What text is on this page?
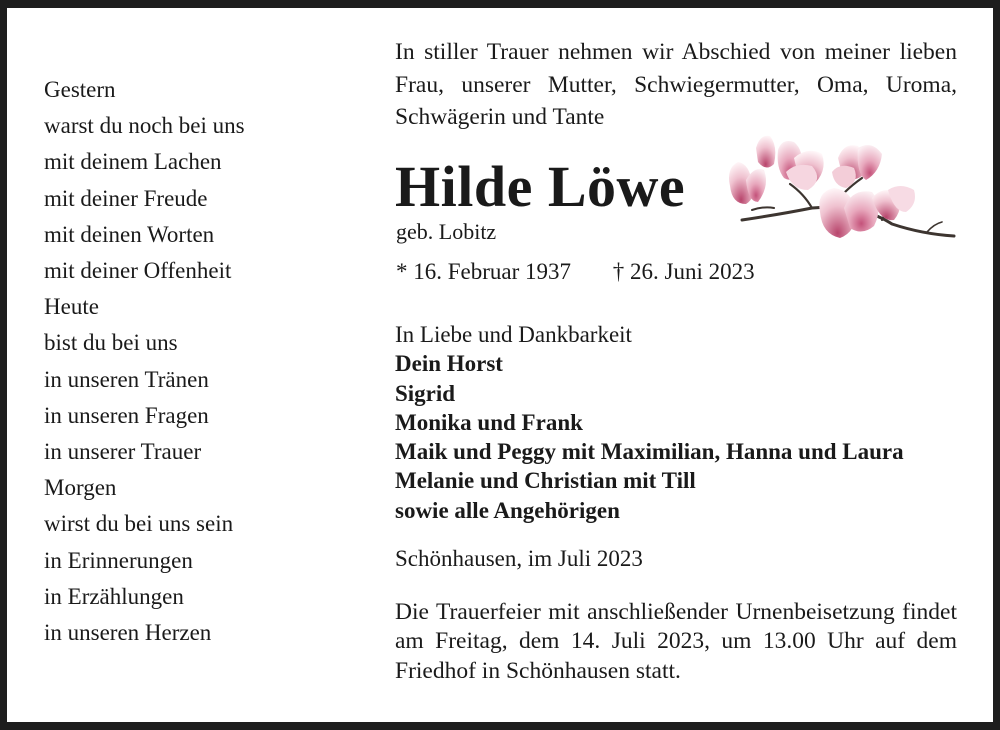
Gestern
warst du noch bei uns
mit deinem Lachen
mit deiner Freude
mit deinen Worten
mit deiner Offenheit
Heute
bist du bei uns
in unseren Tränen
in unseren Fragen
in unserer Trauer
Morgen
wirst du bei uns sein
in Erinnerungen
in Erzählungen
in unseren Herzen

In stiller Trauer nehmen wir Abschied von meiner lieben Frau, unserer Mutter, Schwiegermutter, Oma, Uroma, Schwägerin und Tante

Hilde Löwe

geb. Lobitz

* 16. Februar 1937 † 26. Juni 2023

In Liebe und Dankbarkeit
Dein Horst
Sigrid
Monika und Frank
Maik und Peggy mit Maximilian, Hanna und Laura
Melanie und Christian mit Till
sowie alle Angehörigen

Schönhausen, im Juli 2023

Die Trauerfeier mit anschließender Urnenbeisetzung findet am Freitag, dem 14. Juli 2023, um 13.00 Uhr auf dem Friedhof in Schönhausen statt.
